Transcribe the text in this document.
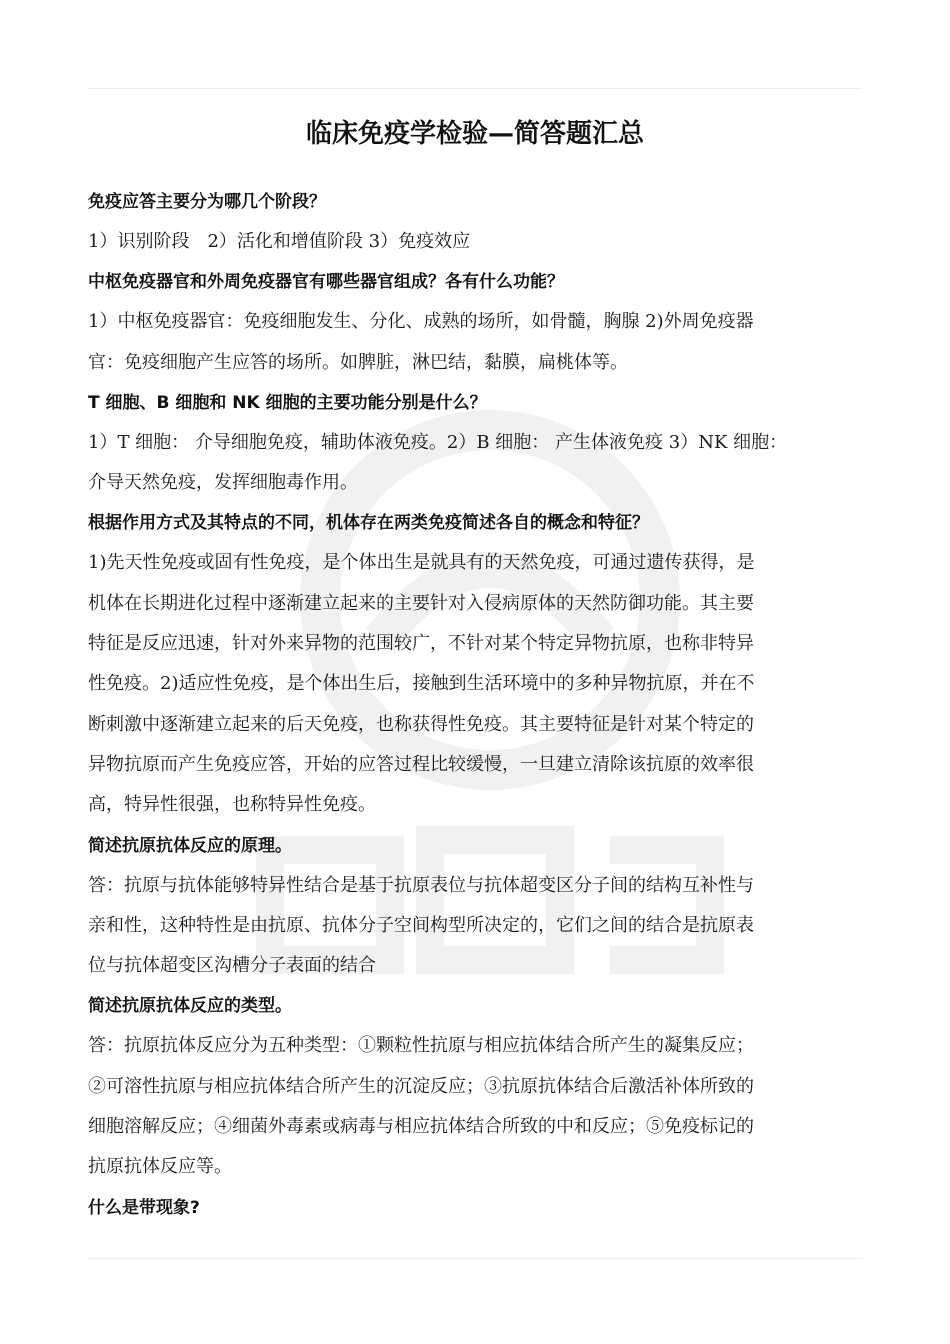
临床免疫学检验—简答题汇总

免疫应答主要分为哪几个阶段？

1）识别阶段　2）活化和增值阶段 3）免疫效应

中枢免疫器官和外周免疫器官有哪些器官组成？各有什么功能？

1）中枢免疫器官：免疫细胞发生、分化、成熟的场所，如骨髓，胸腺 2)外周免疫器
官：免疫细胞产生应答的场所。如脾脏，淋巴结，黏膜，扁桃体等。

T 细胞、B 细胞和 NK 细胞的主要功能分别是什么？

1）T 细胞： 介导细胞免疫，辅助体液免疫。2）B 细胞： 产生体液免疫 3）NK 细胞：
介导天然免疫，发挥细胞毒作用。

根据作用方式及其特点的不同，机体存在两类免疫简述各自的概念和特征？

1)先天性免疫或固有性免疫，是个体出生是就具有的天然免疫，可通过遗传获得，是
机体在长期进化过程中逐渐建立起来的主要针对入侵病原体的天然防御功能。其主要
特征是反应迅速，针对外来异物的范围较广，不针对某个特定异物抗原，也称非特异
性免疫。2)适应性免疫，是个体出生后，接触到生活环境中的多种异物抗原，并在不
断刺激中逐渐建立起来的后天免疫，也称获得性免疫。其主要特征是针对某个特定的
异物抗原而产生免疫应答，开始的应答过程比较缓慢，一旦建立清除该抗原的效率很
高，特异性很强，也称特异性免疫。

简述抗原抗体反应的原理。

答：抗原与抗体能够特异性结合是基于抗原表位与抗体超变区分子间的结构互补性与
亲和性，这种特性是由抗原、抗体分子空间构型所决定的，它们之间的结合是抗原表
位与抗体超变区沟槽分子表面的结合

简述抗原抗体反应的类型。

答：抗原抗体反应分为五种类型：①颗粒性抗原与相应抗体结合所产生的凝集反应；
②可溶性抗原与相应抗体结合所产生的沉淀反应；③抗原抗体结合后激活补体所致的
细胞溶解反应；④细菌外毒素或病毒与相应抗体结合所致的中和反应；⑤免疫标记的
抗原抗体反应等。

什么是带现象?
